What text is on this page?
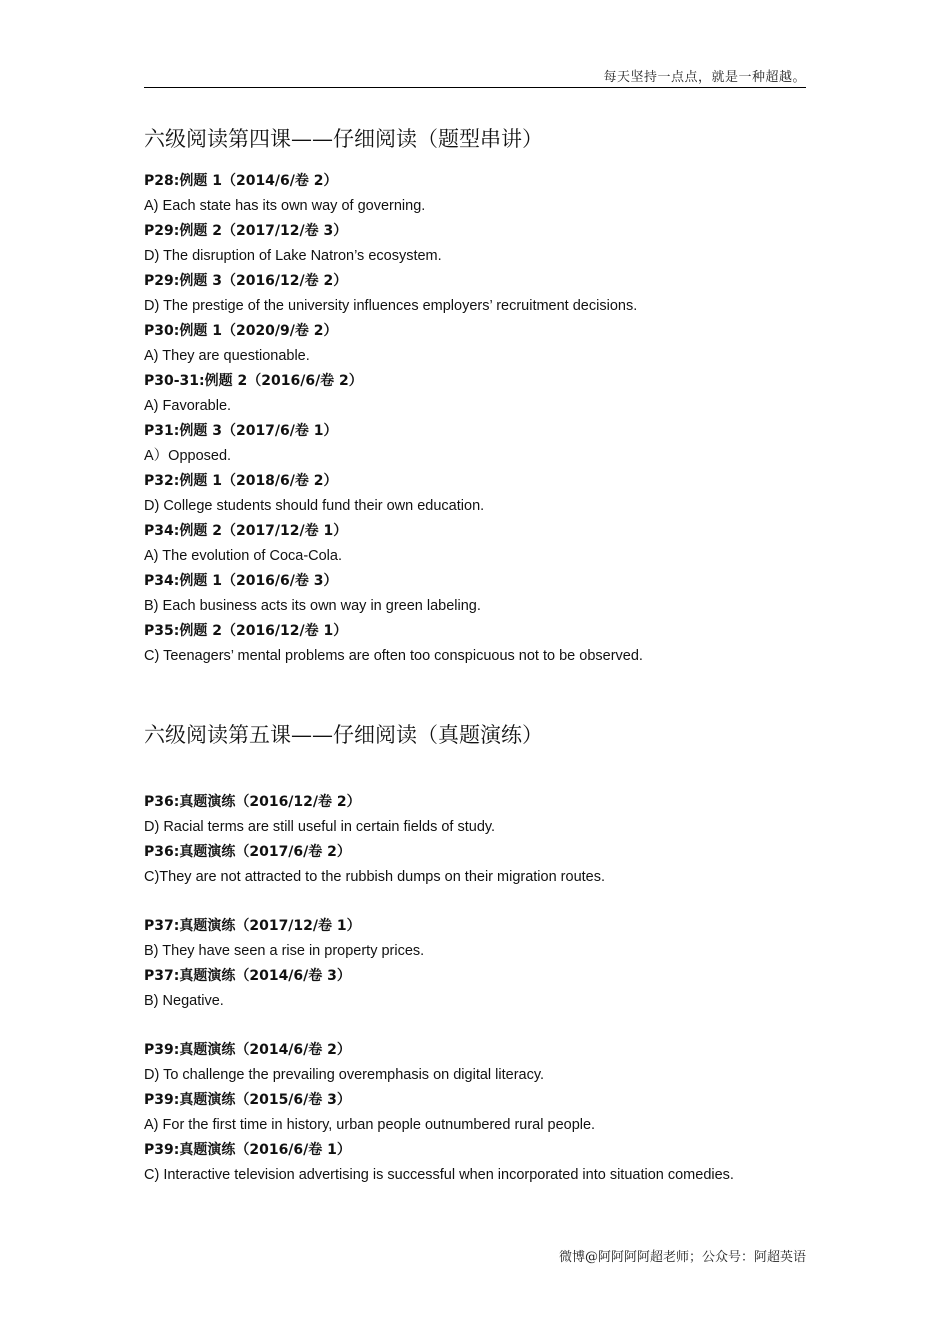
每天坚持一点点，就是一种超越。
六级阅读第四课——仔细阅读（题型串讲）
P28:例题 1（2014/6/卷 2）
A) Each state has its own way of governing.
P29:例题 2（2017/12/卷 3）
D) The disruption of Lake Natron’s ecosystem.
P29:例题 3（2016/12/卷 2）
D) The prestige of the university influences employers’ recruitment decisions.
P30:例题 1（2020/9/卷 2）
A) They are questionable.
P30-31:例题 2（2016/6/卷 2）
A) Favorable.
P31:例题 3（2017/6/卷 1）
A）Opposed.
P32:例题 1（2018/6/卷 2）
D) College students should fund their own education.
P34:例题 2（2017/12/卷 1）
A) The evolution of Coca-Cola.
P34:例题 1（2016/6/卷 3）
B) Each business acts its own way in green labeling.
P35:例题 2（2016/12/卷 1）
C) Teenagers’ mental problems are often too conspicuous not to be observed.
六级阅读第五课——仔细阅读（真题演练）
P36:真题演练（2016/12/卷 2）
D) Racial terms are still useful in certain fields of study.
P36:真题演练（2017/6/卷 2）
C)They are not attracted to the rubbish dumps on their migration routes.
P37:真题演练（2017/12/卷 1）
B) They have seen a rise in property prices.
P37:真题演练（2014/6/卷 3）
B) Negative.
P39:真题演练（2014/6/卷 2）
D) To challenge the prevailing overemphasis on digital literacy.
P39:真题演练（2015/6/卷 3）
A) For the first time in history, urban people outnumbered rural people.
P39:真题演练（2016/6/卷 1）
C) Interactive television advertising is successful when incorporated into situation comedies.
微博@阿阿阿阿超老师；公众号：阿超英语
